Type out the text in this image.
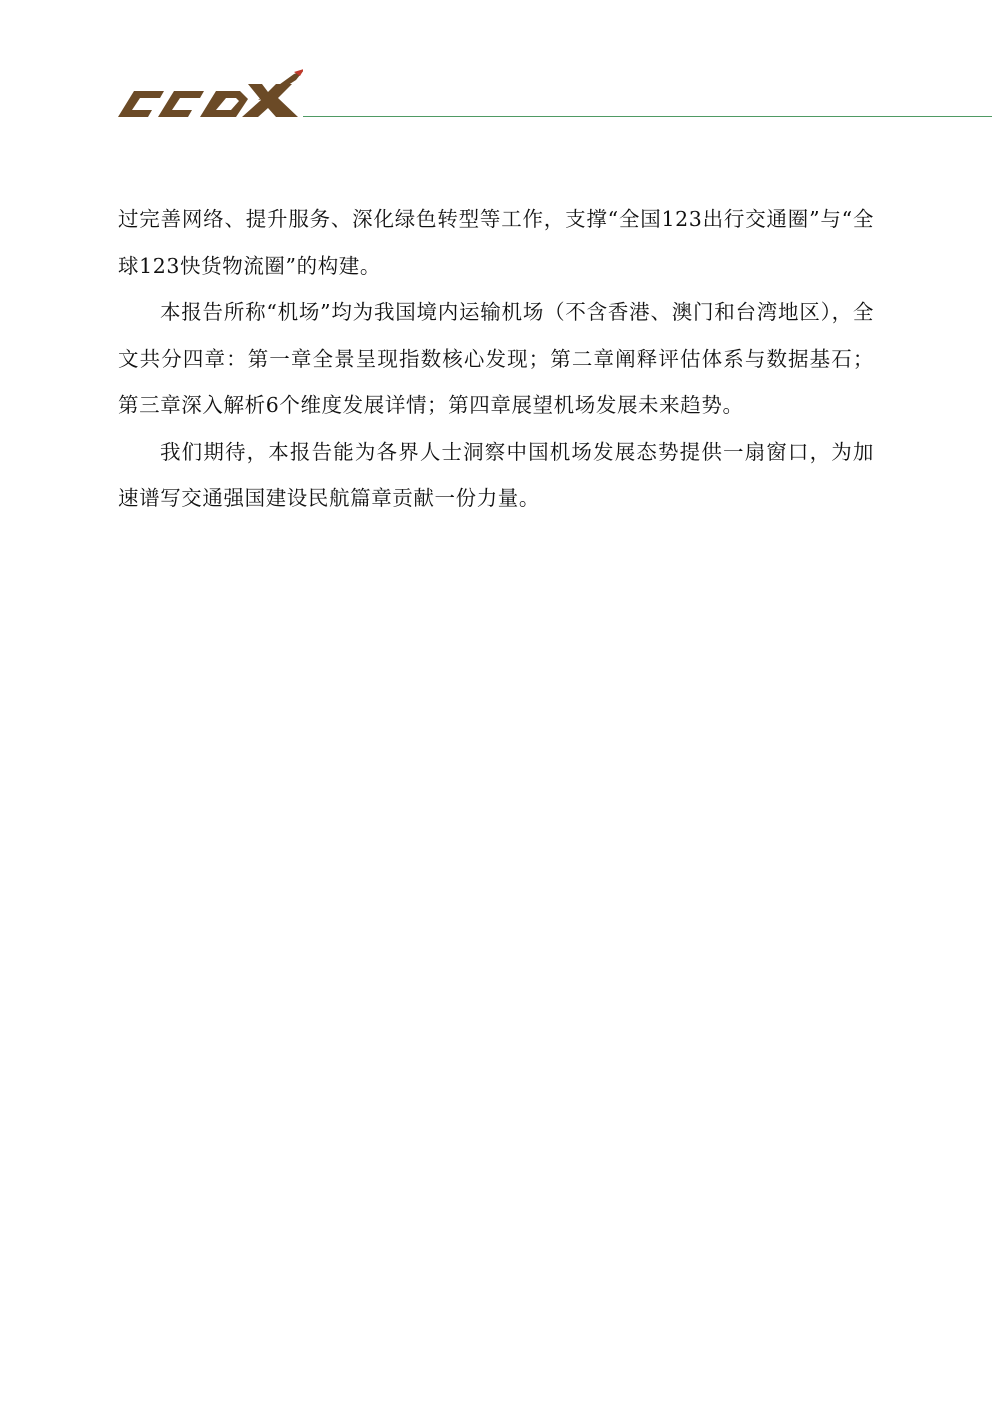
过完善网络、提升服务、深化绿色转型等工作，支撑“全国123出行交通圈”与“全球123快货物流圈”的构建。

本报告所称“机场”均为我国境内运输机场（不含香港、澳门和台湾地区），全文共分四章：第一章全景呈现指数核心发现；第二章阐释评估体系与数据基石；第三章深入解析6个维度发展详情；第四章展望机场发展未来趋势。

我们期待，本报告能为各界人士洞察中国机场发展态势提供一扇窗口，为加速谱写交通强国建设民航篇章贡献一份力量。
